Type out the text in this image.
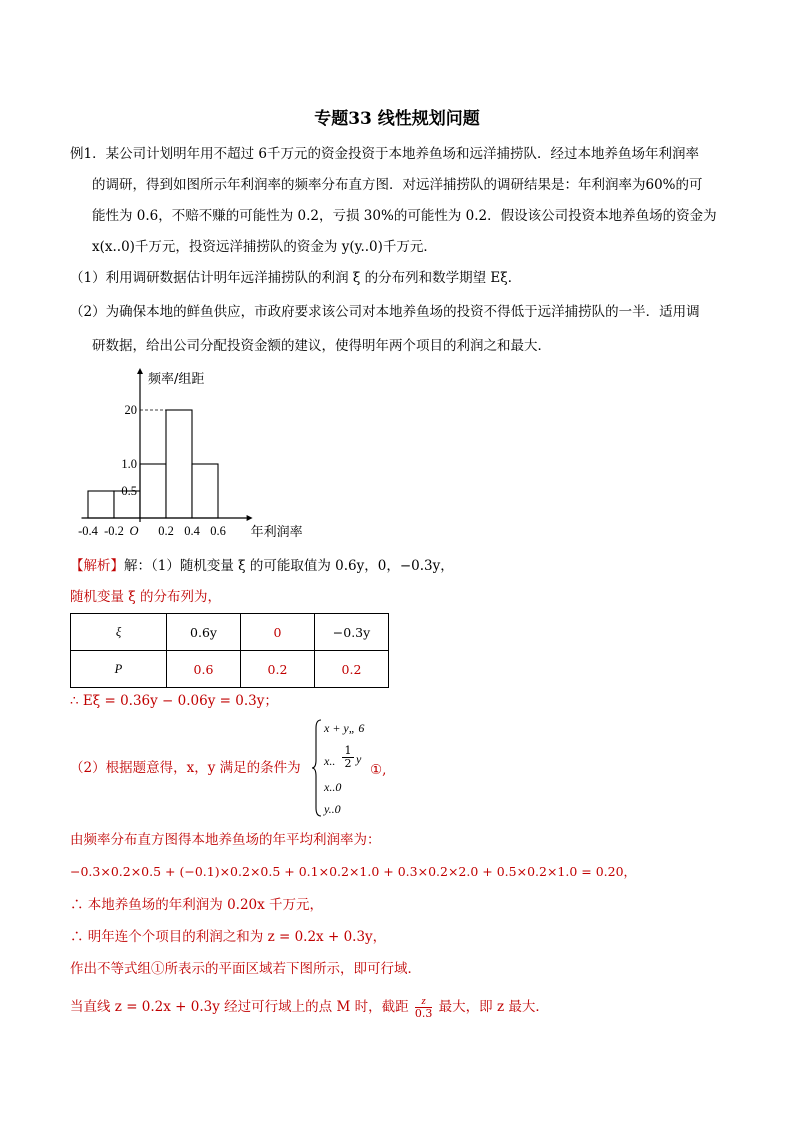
专题33 线性规划问题
例1．某公司计划明年用不超过 6千万元的资金投资于本地养鱼场和远洋捕捞队．经过本地养鱼场年利润率
的调研，得到如图所示年利润率的频率分布直方图．对远洋捕捞队的调研结果是：年利润率为60%的可
能性为 0.6，不赔不赚的可能性为 0.2，亏损 30%的可能性为 0.2．假设该公司投资本地养鱼场的资金为
x(x..0)千万元，投资远洋捕捞队的资金为 y(y..0)千万元．
（1）利用调研数据估计明年远洋捕捞队的利润 ξ 的分布列和数学期望 Eξ．
（2）为确保本地的鲜鱼供应，市政府要求该公司对本地养鱼场的投资不得低于远洋捕捞队的一半．适用调
研数据，给出公司分配投资金额的建议，使得明年两个项目的利润之和最大．
频率/组距
年利润率
-0.4 -0.2 O 0.2 0.4 0.6
20
1.0
0.5
【解析】解：（1）随机变量 ξ 的可能取值为 0.6y，0，−0.3y，
随机变量 ξ 的分布列为，
ξ	0.6y	0	−0.3y
P	0.6	0.2	0.2
∴ Eξ = 0.36y − 0.06y = 0.3y；
（2）根据题意得，x，y 满足的条件为
x + y„ 6
x.. $\frac{1}{2}$ y
x..0
y..0
①,
由频率分布直方图得本地养鱼场的年平均利润率为：
−0.3×0.2×0.5 + (−0.1)×0.2×0.5 + 0.1×0.2×1.0 + 0.3×0.2×2.0 + 0.5×0.2×1.0 = 0.20，
∴ 本地养鱼场的年利润为 0.20x 千万元，
∴ 明年连个个项目的利润之和为 z = 0.2x + 0.3y，
作出不等式组①所表示的平面区域若下图所示，即可行域．
当直线 z = 0.2x + 0.3y 经过可行域上的点 M 时，截距 $\frac{z}{0.3}$ 最大，即 z 最大．
